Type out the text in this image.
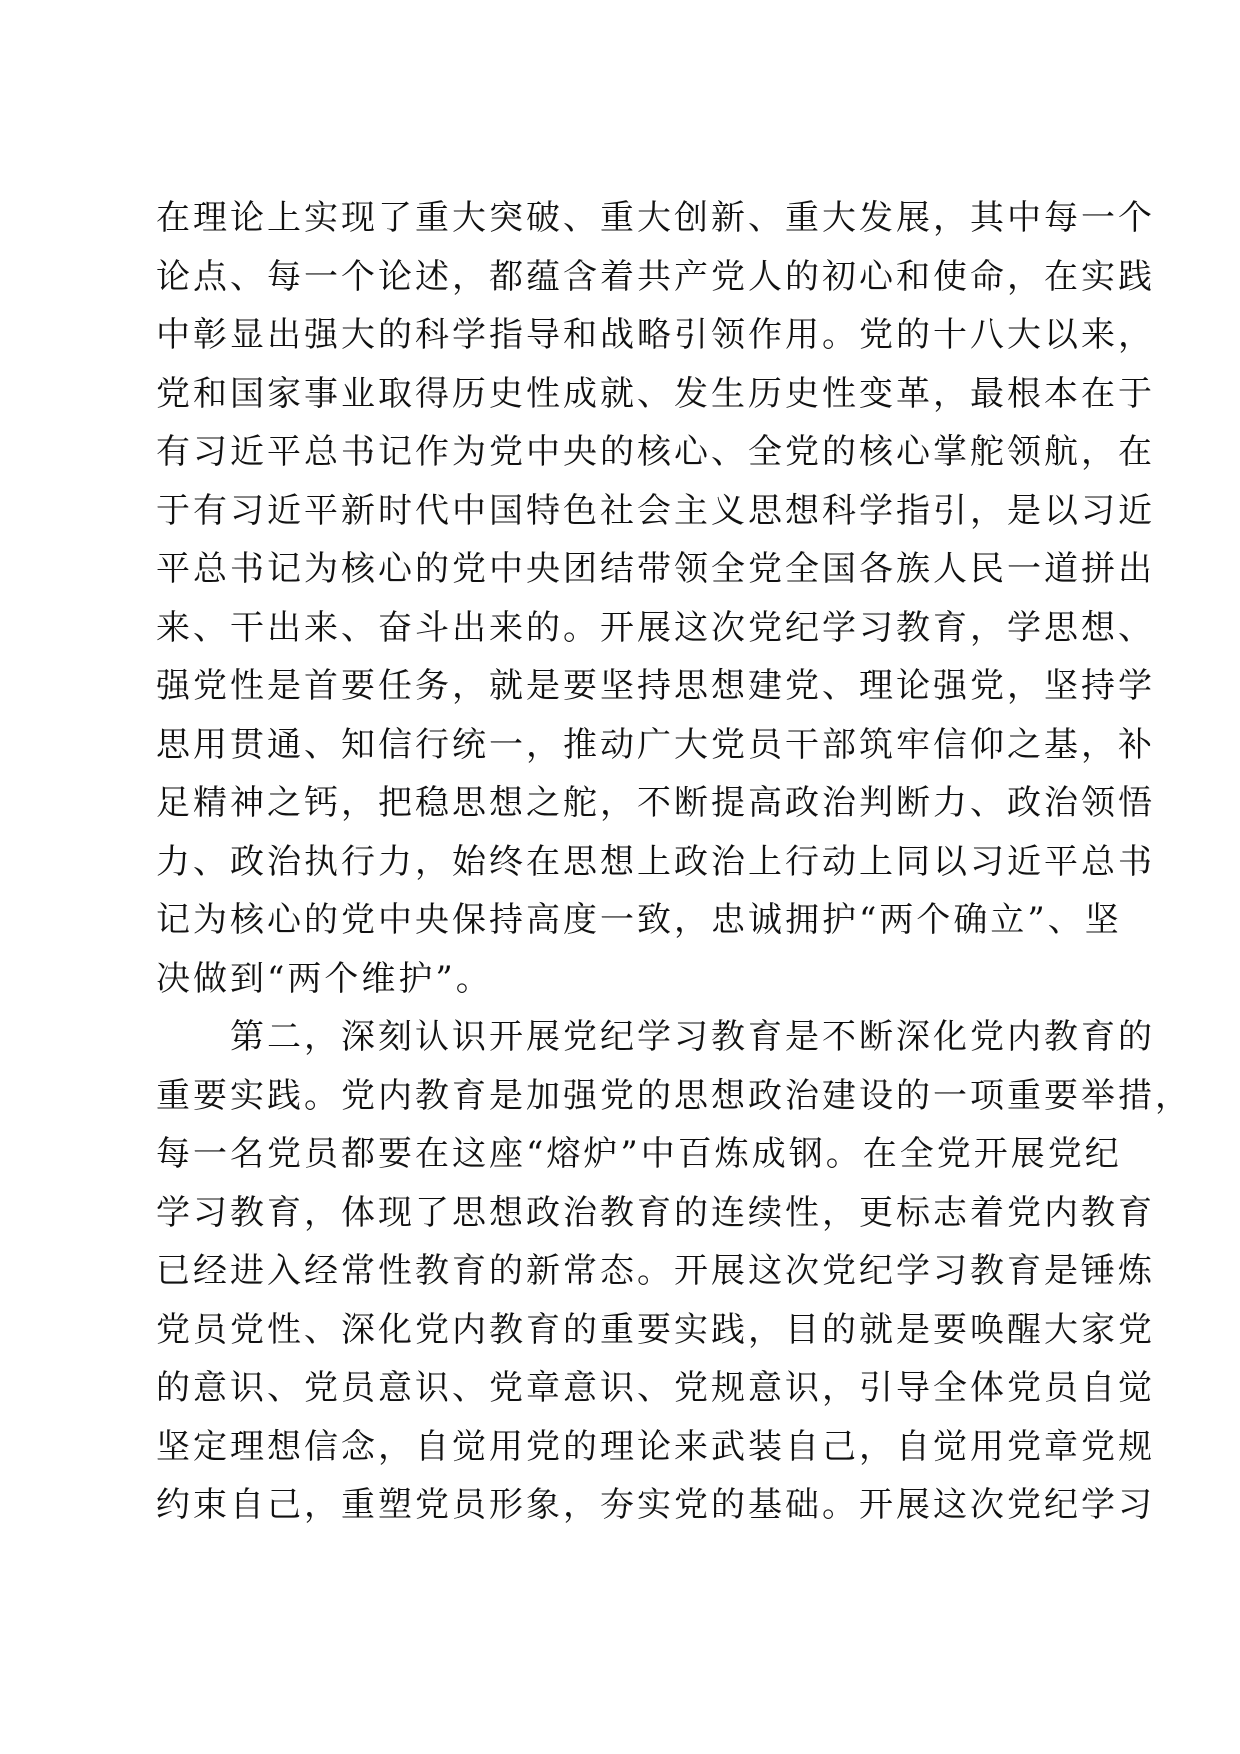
在理论上实现了重大突破、重大创新、重大发展，其中每一个
论点、每一个论述，都蕴含着共产党人的初心和使命，在实践
中彰显出强大的科学指导和战略引领作用。党的十八大以来，
党和国家事业取得历史性成就、发生历史性变革，最根本在于
有习近平总书记作为党中央的核心、全党的核心掌舵领航，在
于有习近平新时代中国特色社会主义思想科学指引，是以习近
平总书记为核心的党中央团结带领全党全国各族人民一道拼出
来、干出来、奋斗出来的。开展这次党纪学习教育，学思想、
强党性是首要任务，就是要坚持思想建党、理论强党，坚持学
思用贯通、知信行统一，推动广大党员干部筑牢信仰之基，补
足精神之钙，把稳思想之舵，不断提高政治判断力、政治领悟
力、政治执行力，始终在思想上政治上行动上同以习近平总书
记为核心的党中央保持高度一致，忠诚拥护“两个确立”、坚
决做到“两个维护”。
　　第二，深刻认识开展党纪学习教育是不断深化党内教育的
重要实践。党内教育是加强党的思想政治建设的一项重要举措，
每一名党员都要在这座“熔炉”中百炼成钢。在全党开展党纪
学习教育，体现了思想政治教育的连续性，更标志着党内教育
已经进入经常性教育的新常态。开展这次党纪学习教育是锤炼
党员党性、深化党内教育的重要实践，目的就是要唤醒大家党
的意识、党员意识、党章意识、党规意识，引导全体党员自觉
坚定理想信念，自觉用党的理论来武装自己，自觉用党章党规
约束自己，重塑党员形象，夯实党的基础。开展这次党纪学习
